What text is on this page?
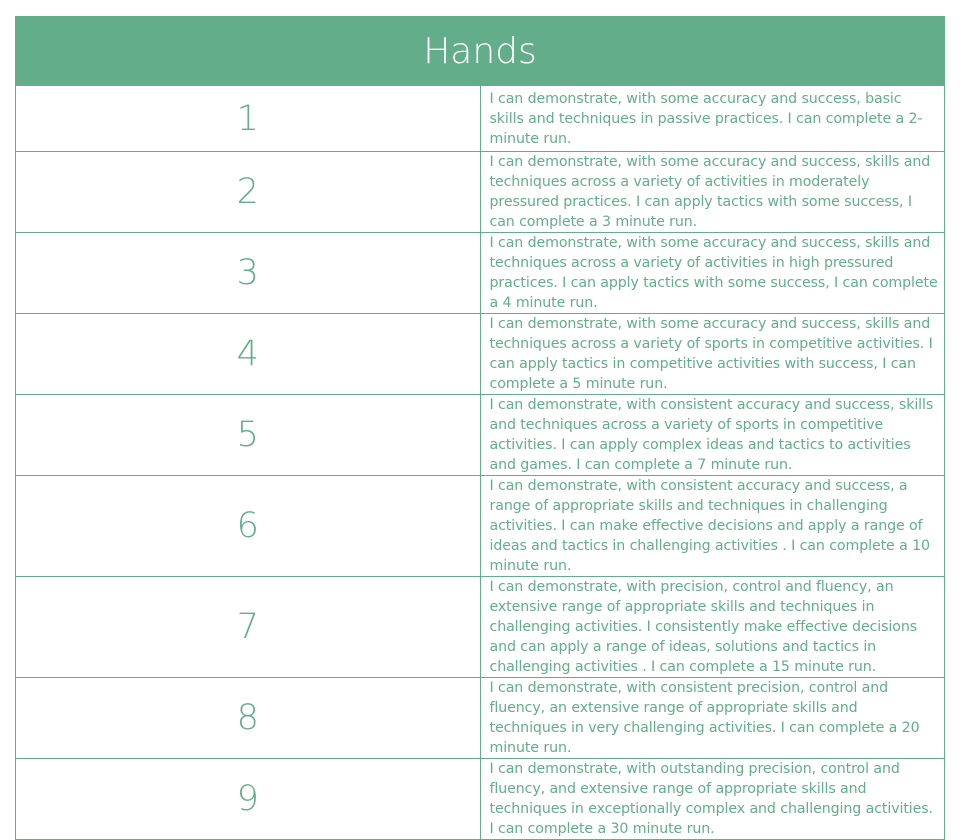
Hands	
1	I can demonstrate, with some accuracy and success, basic skills and techniques in passive practices. I can complete a 2-minute run.
2	I can demonstrate, with some accuracy and success, skills and techniques across a variety of activities in moderately pressured practices. I can apply tactics with some success, I can complete a 3 minute run.
3	I can demonstrate, with some accuracy and success, skills and techniques across a variety of activities in high pressured practices. I can apply tactics with some success, I can complete a 4 minute run.
4	I can demonstrate, with some accuracy and success, skills and techniques across a variety of sports in competitive activities. I can apply tactics in competitive activities with success, I can complete a 5 minute run.
5	I can demonstrate, with consistent accuracy and success, skills and techniques across a variety of sports in competitive activities. I can apply complex ideas and tactics to activities and games. I can complete a 7 minute run.
6	I can demonstrate, with consistent accuracy and success, a range of appropriate skills and techniques in challenging activities. I can make effective decisions and apply a range of ideas and tactics in challenging activities . I can complete a 10 minute run.
7	I can demonstrate, with precision, control and fluency, an extensive range of appropriate skills and techniques in challenging activities. I consistently make effective decisions and can apply a range of ideas, solutions and tactics in challenging activities . I can complete a 15 minute run.
8	I can demonstrate, with consistent precision, control and fluency, an extensive range of appropriate skills and techniques in very challenging activities. I can complete a 20 minute run.
9	I can demonstrate, with outstanding precision, control and fluency, and extensive range of appropriate skills and techniques in exceptionally complex and challenging activities. I can complete a 30 minute run.
